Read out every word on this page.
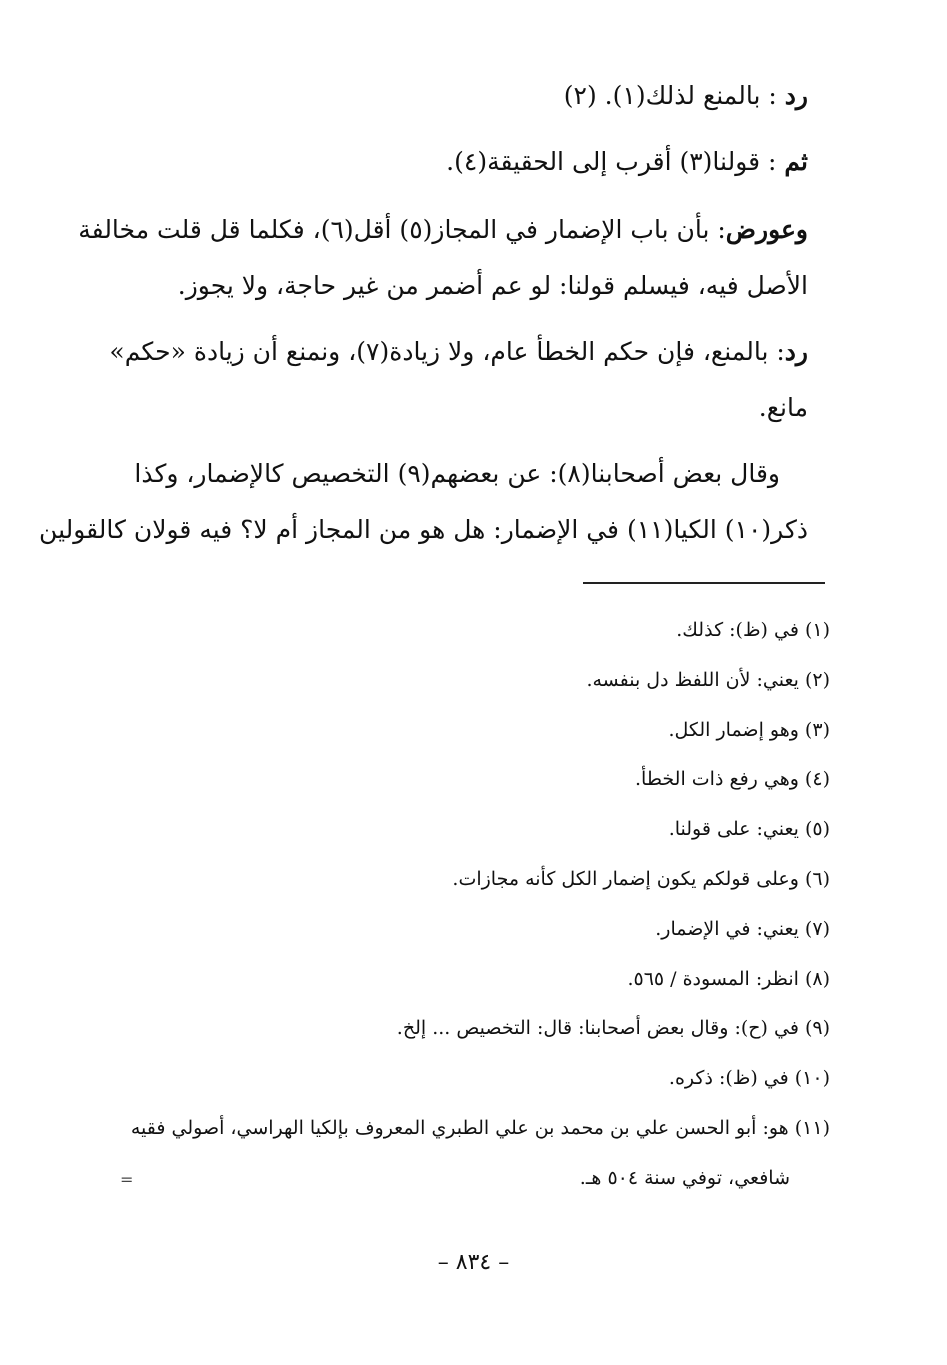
رد : بالمنع لذلك(١). (٢)
ثم : قولنا(٣) أقرب إلى الحقيقة(٤).
وعورض: بأن باب الإضمار في المجاز(٥) أقل(٦)، فكلما قل قلت مخالفة
الأصل فيه، فيسلم قولنا: لو عم أضمر من غير حاجة، ولا يجوز.
رد: بالمنع، فإن حكم الخطأ عام، ولا زيادة(٧)، ونمنع أن زيادة «حكم»
مانع.
وقال بعض أصحابنا(٨): عن بعضهم(٩) التخصيص كالإضمار، وكذا
ذكر(١٠) الكيا(١١) في الإضمار: هل هو من المجاز أم لا؟ فيه قولان كالقولين
(١) في (ظ): كذلك.
(٢) يعني: لأن اللفظ دل بنفسه.
(٣) وهو إضمار الكل.
(٤) وهي رفع ذات الخطأ.
(٥) يعني: على قولنا.
(٦) وعلى قولكم يكون إضمار الكل كأنه مجازات.
(٧) يعني: في الإضمار.
(٨) انظر: المسودة / ٥٦٥.
(٩) في (ح): وقال بعض أصحابنا: قال: التخصيص ... إلخ.
(١٠) في (ظ): ذكره.
(١١) هو: أبو الحسن علي بن محمد بن علي الطبري المعروف بإلكيا الهراسي، أصولي فقيه
شافعي، توفي سنة ٥٠٤ هـ.
=
– ٨٣٤ –
